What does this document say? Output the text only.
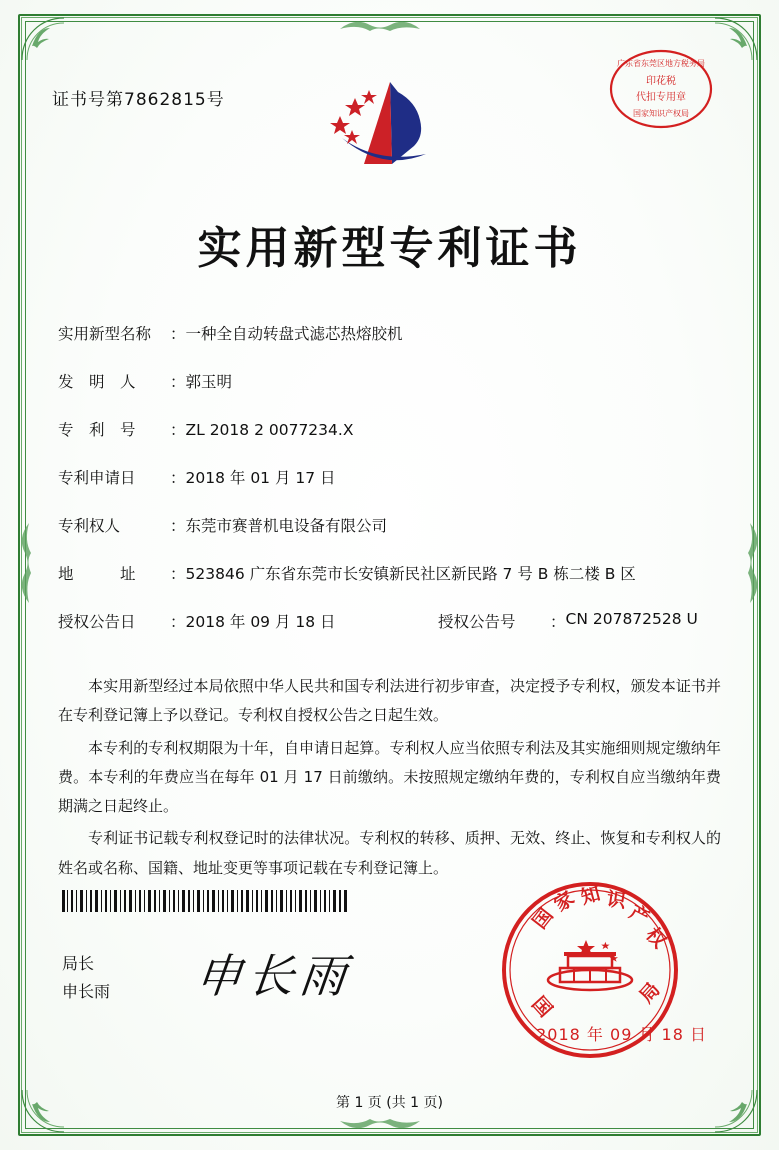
证书号第7862815号
广东省东莞区地方税务局
印花税
代扣专用章
国家知识产权局
实用新型专利证书
实用新型名称	： 一种全自动转盘式滤芯热熔胶机
发　明　人	： 郭玉明
专　利　号	： ZL 2018 2 0077234.X
专利申请日	： 2018 年 01 月 17 日
专利权人	： 东莞市赛普机电设备有限公司
地　　　址	： 523846 广东省东莞市长安镇新民社区新民路 7 号 B 栋二楼 B 区
授权公告日	： 2018 年 09 月 18 日	授权公告号	： CN 207872528 U

本实用新型经过本局依照中华人民共和国专利法进行初步审查，决定授予专利权，颁发本证书并在专利登记簿上予以登记。专利权自授权公告之日起生效。

本专利的专利权期限为十年，自申请日起算。专利权人应当依照专利法及其实施细则规定缴纳年费。本专利的年费应当在每年 01 月 17 日前缴纳。未按照规定缴纳年费的，专利权自应当缴纳年费期满之日起终止。

专利证书记载专利权登记时的法律状况。专利权的转移、质押、无效、终止、恢复和专利权人的姓名或名称、国籍、地址变更等事项记载在专利登记簿上。

局长
申长雨 申长雨
国
家 知 识
产
权
局
国
2018 年 09 月 18 日
第 1 页 (共 1 页)
